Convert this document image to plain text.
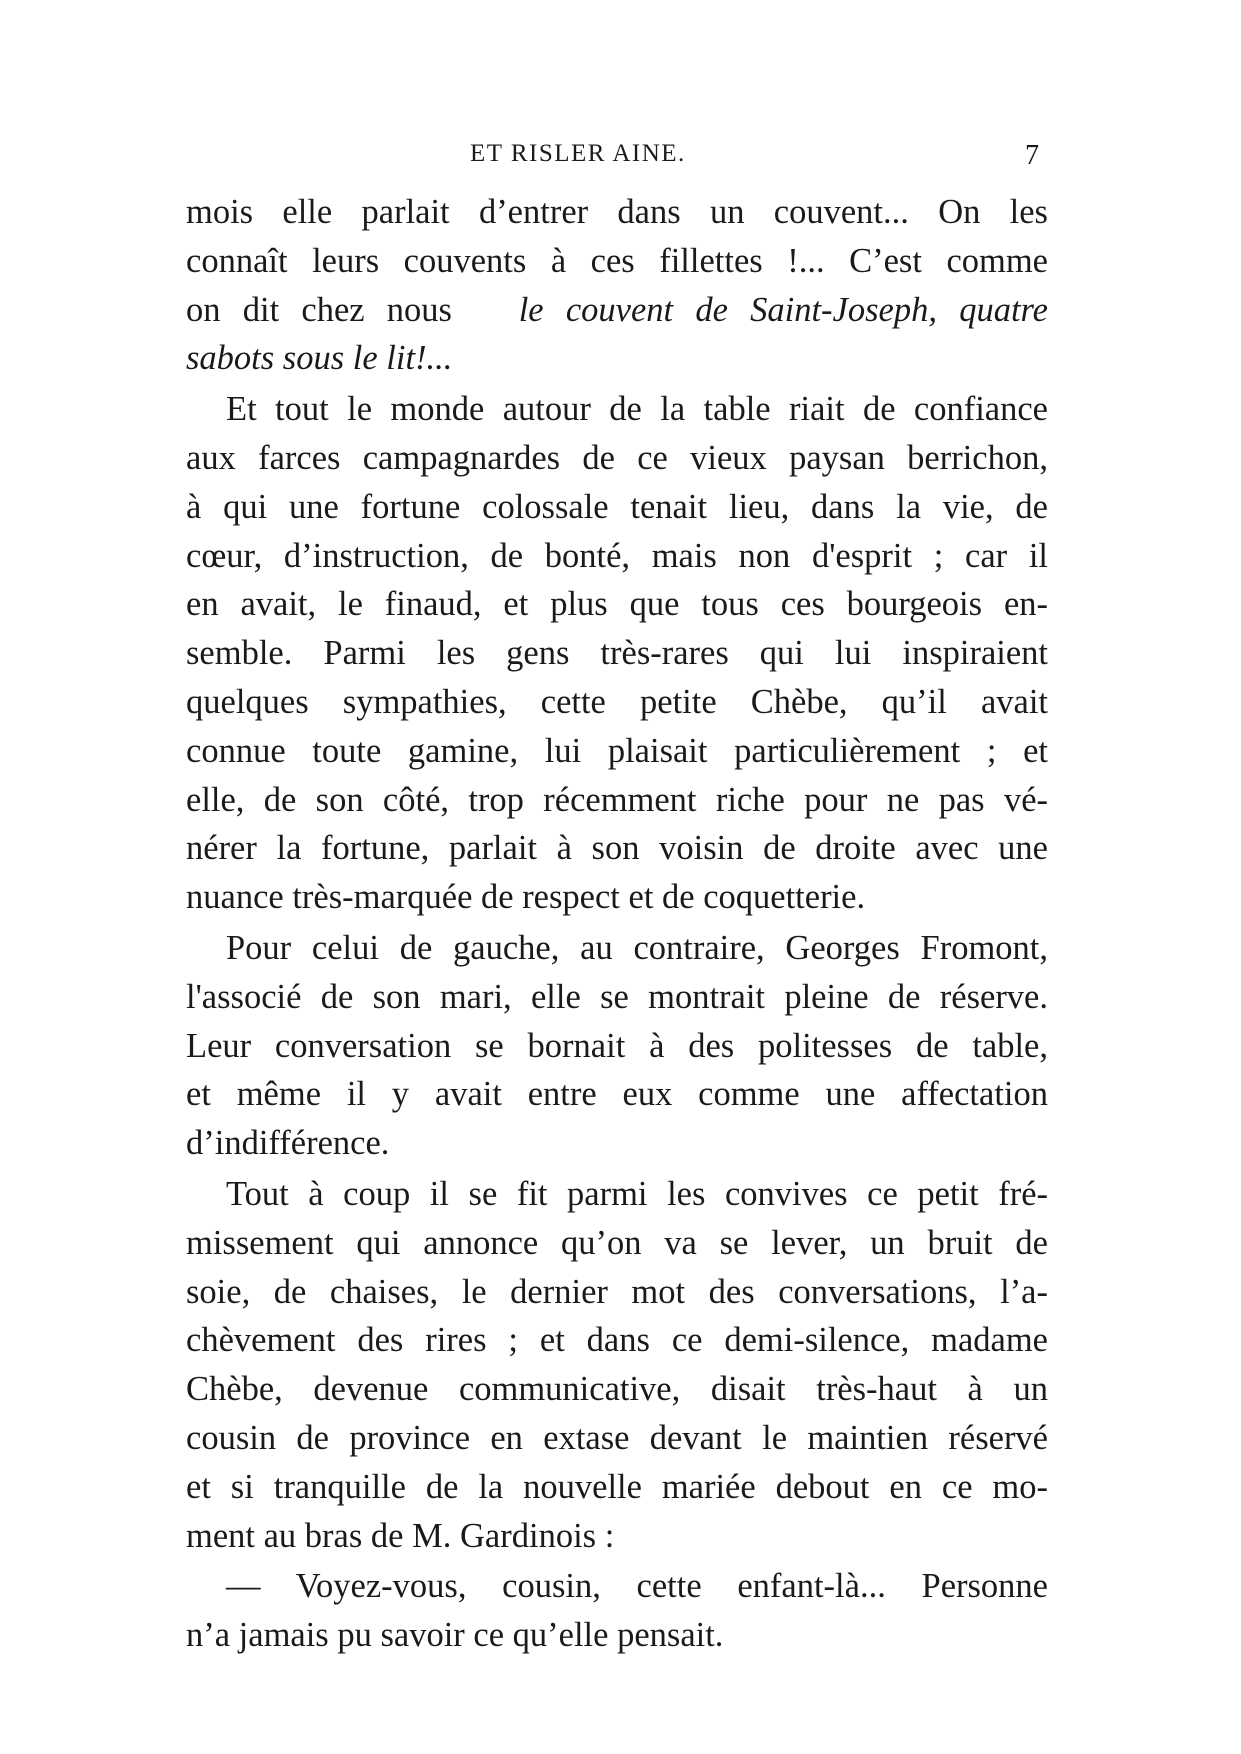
ET RISLER AINE.	7

mois elle parlait d’entrer dans un couvent... On les
connaît leurs couvents à ces fillettes !... C’est comme
on dit chez nous le couvent de Saint-Joseph, quatre
sabots sous le lit!...

Et tout le monde autour de la table riait de confiance
aux farces campagnardes de ce vieux paysan berrichon,
à qui une fortune colossale tenait lieu, dans la vie, de
cœur, d’instruction, de bonté, mais non d'esprit ; car il
en avait, le finaud, et plus que tous ces bourgeois en-
semble. Parmi les gens très-rares qui lui inspiraient
quelques sympathies, cette petite Chèbe, qu’il avait
connue toute gamine, lui plaisait particulièrement ; et
elle, de son côté, trop récemment riche pour ne pas vé-
nérer la fortune, parlait à son voisin de droite avec une
nuance très-marquée de respect et de coquetterie.

Pour celui de gauche, au contraire, Georges Fromont,
l'associé de son mari, elle se montrait pleine de réserve.
Leur conversation se bornait à des politesses de table,
et même il y avait entre eux comme une affectation
d’indifférence.

Tout à coup il se fit parmi les convives ce petit fré-
missement qui annonce qu’on va se lever, un bruit de
soie, de chaises, le dernier mot des conversations, l’a-
chèvement des rires ; et dans ce demi-silence, madame
Chèbe, devenue communicative, disait très-haut à un
cousin de province en extase devant le maintien réservé
et si tranquille de la nouvelle mariée debout en ce mo-
ment au bras de M. Gardinois :

— Voyez-vous, cousin, cette enfant-là... Personne
n’a jamais pu savoir ce qu’elle pensait.
